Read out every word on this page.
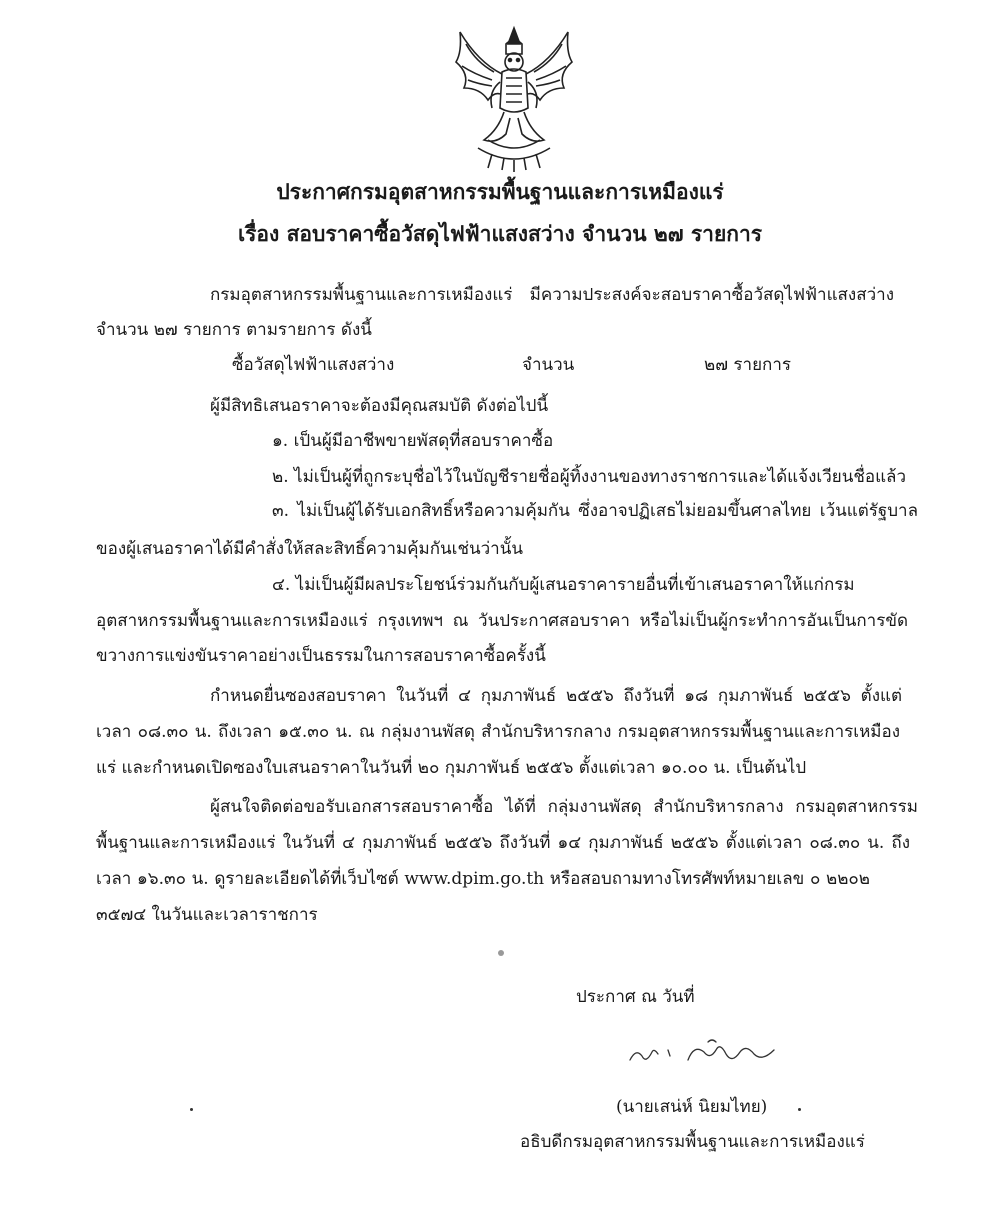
ประกาศกรมอุตสาหกรรมพื้นฐานและการเหมืองแร่
เรื่อง สอบราคาซื้อวัสดุไฟฟ้าแสงสว่าง จำนวน ๒๗ รายการ
กรมอุตสาหกรรมพื้นฐานและการเหมืองแร่ มีความประสงค์จะสอบราคาซื้อวัสดุไฟฟ้าแสงสว่าง
จำนวน ๒๗ รายการ ตามรายการ ดังนี้
ซื้อวัสดุไฟฟ้าแสงสว่าง	จำนวน	๒๗ รายการ
ผู้มีสิทธิเสนอราคาจะต้องมีคุณสมบัติ ดังต่อไปนี้
๑. เป็นผู้มีอาชีพขายพัสดุที่สอบราคาซื้อ
๒. ไม่เป็นผู้ที่ถูกระบุชื่อไว้ในบัญชีรายชื่อผู้ทิ้งงานของทางราชการและได้แจ้งเวียนชื่อแล้ว
๓. ไม่เป็นผู้ได้รับเอกสิทธิ์หรือความคุ้มกัน ซึ่งอาจปฏิเสธไม่ยอมขึ้นศาลไทย เว้นแต่รัฐบาล
ของผู้เสนอราคาได้มีคำสั่งให้สละสิทธิ์ความคุ้มกันเช่นว่านั้น
๔. ไม่เป็นผู้มีผลประโยชน์ร่วมกันกับผู้เสนอราคารายอื่นที่เข้าเสนอราคาให้แก่กรม
อุตสาหกรรมพื้นฐานและการเหมืองแร่ กรุงเทพฯ ณ วันประกาศสอบราคา หรือไม่เป็นผู้กระทำการอันเป็นการขัด
ขวางการแข่งขันราคาอย่างเป็นธรรมในการสอบราคาซื้อครั้งนี้
กำหนดยื่นซองสอบราคา ในวันที่ ๔ กุมภาพันธ์ ๒๕๕๖ ถึงวันที่ ๑๘ กุมภาพันธ์ ๒๕๕๖ ตั้งแต่
เวลา ๐๘.๓๐ น. ถึงเวลา ๑๕.๓๐ น. ณ กลุ่มงานพัสดุ สำนักบริหารกลาง กรมอุตสาหกรรมพื้นฐานและการเหมือง
แร่ และกำหนดเปิดซองใบเสนอราคาในวันที่ ๒๐ กุมภาพันธ์ ๒๕๕๖ ตั้งแต่เวลา ๑๐.๐๐ น. เป็นต้นไป
ผู้สนใจติดต่อขอรับเอกสารสอบราคาซื้อ ได้ที่ กลุ่มงานพัสดุ สำนักบริหารกลาง กรมอุตสาหกรรม
พื้นฐานและการเหมืองแร่ ในวันที่ ๔ กุมภาพันธ์ ๒๕๕๖ ถึงวันที่ ๑๔ กุมภาพันธ์ ๒๕๕๖ ตั้งแต่เวลา ๐๘.๓๐ น. ถึง
เวลา ๑๖.๓๐ น. ดูรายละเอียดได้ที่เว็บไซต์ www.dpim.go.th หรือสอบถามทางโทรศัพท์หมายเลข ๐ ๒๒๐๒
๓๕๗๔ ในวันและเวลาราชการ
ประกาศ ณ วันที่
(นายเสน่ห์ นิยมไทย)
อธิบดีกรมอุตสาหกรรมพื้นฐานและการเหมืองแร่
